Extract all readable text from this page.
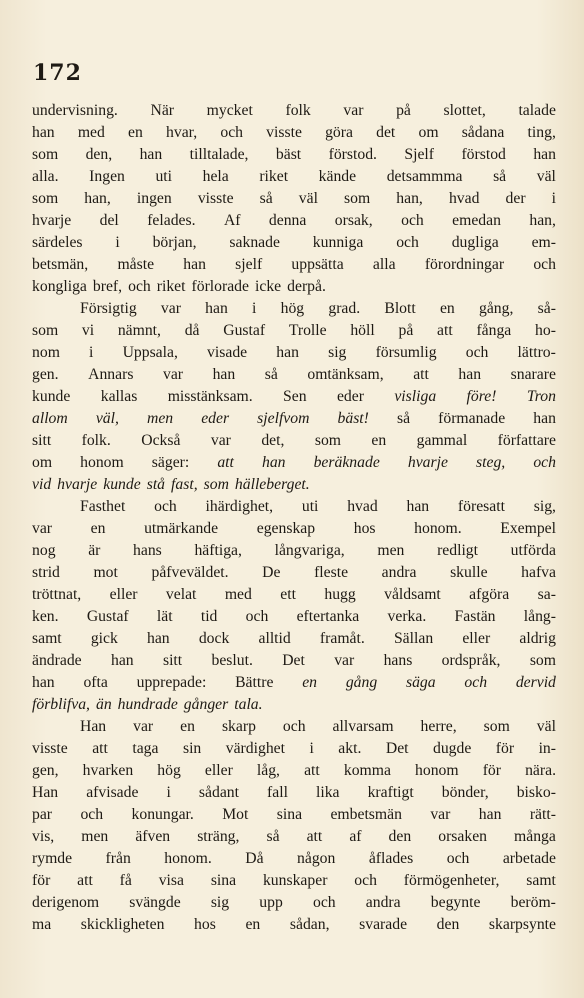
172
undervisning. När mycket folk var på slottet, talade
han med en hvar, och visste göra det om sådana ting,
som den, han tilltalade, bäst förstod. Sjelf förstod han
alla. Ingen uti hela riket kände detsammma så väl
som han, ingen visste så väl som han, hvad der i
hvarje del felades. Af denna orsak, och emedan han,
särdeles i början, saknade kunniga och dugliga em-
betsmän, måste han sjelf uppsätta alla förordningar och
kongliga bref, och riket förlorade icke derpå.
Försigtig var han i hög grad. Blott en gång, så-
som vi nämnt, då Gustaf Trolle höll på att fånga ho-
nom i Uppsala, visade han sig försumlig och lättro-
gen. Annars var han så omtänksam, att han snarare
kunde kallas misstänksam. Sen eder visliga före! Tron
allom väl, men eder sjelfvom bäst! så förmanade han
sitt folk. Också var det, som en gammal författare
om honom säger: att han beräknade hvarje steg, och
vid hvarje kunde stå fast, som hälleberget.
Fasthet och ihärdighet, uti hvad han föresatt sig,
var en utmärkande egenskap hos honom. Exempel
nog är hans häftiga, långvariga, men redligt utförda
strid mot påfveväldet. De fleste andra skulle hafva
tröttnat, eller velat med ett hugg våldsamt afgöra sa-
ken. Gustaf lät tid och eftertanka verka. Fastän lång-
samt gick han dock alltid framåt. Sällan eller aldrig
ändrade han sitt beslut. Det var hans ordspråk, som
han ofta upprepade: Bättre en gång säga och dervid
förblifva, än hundrade gånger tala.
Han var en skarp och allvarsam herre, som väl
visste att taga sin värdighet i akt. Det dugde för in-
gen, hvarken hög eller låg, att komma honom för nära.
Han afvisade i sådant fall lika kraftigt bönder, bisko-
par och konungar. Mot sina embetsmän var han rätt-
vis, men äfven sträng, så att af den orsaken många
rymde från honom. Då någon åflades och arbetade
för att få visa sina kunskaper och förmögenheter, samt
derigenom svängde sig upp och andra begynte beröm-
ma skickligheten hos en sådan, svarade den skarpsynte
